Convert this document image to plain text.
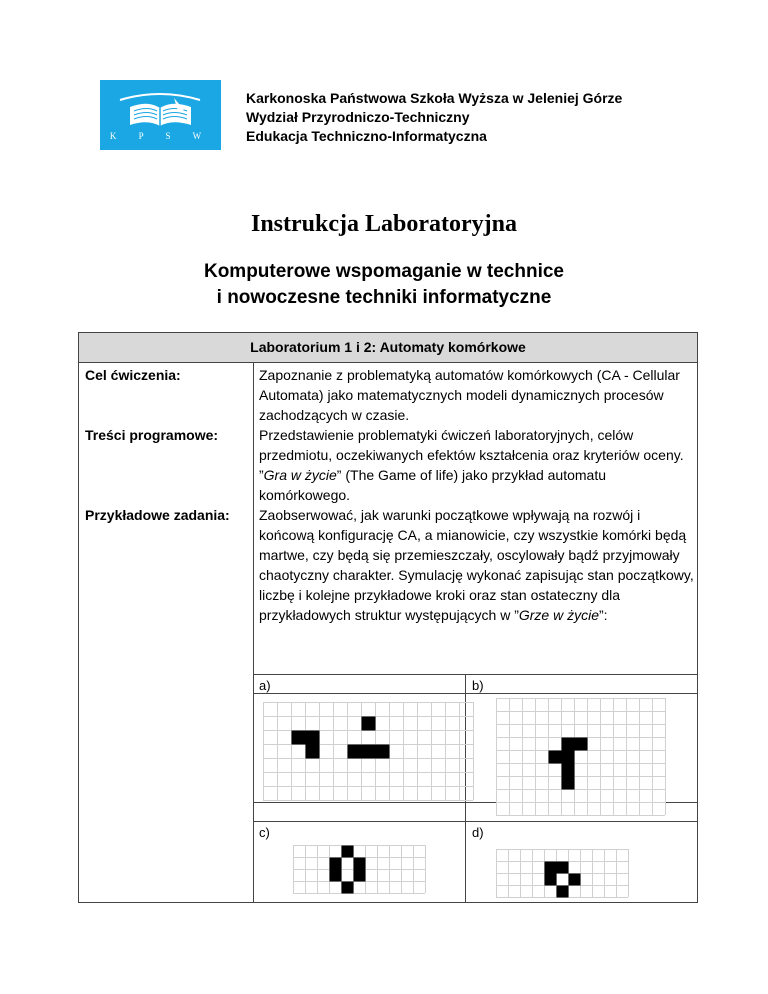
K P S W
Karkonoska Państwowa Szkoła Wyższa w Jeleniej Górze
Wydział Przyrodniczo-Techniczny
Edukacja Techniczno-Informatyczna
Instrukcja Laboratoryjna
Komputerowe wspomaganie w technice
i nowoczesne techniki informatyczne
Laboratorium 1 i 2: Automaty komórkowe
Cel ćwiczenia:	Zapoznanie z problematyką automatów komórkowych (CA - Cellular Automata) jako matematycznych modeli dynamicznych procesów zachodzących w czasie.
Treści programowe:	Przedstawienie problematyki ćwiczeń laboratoryjnych, celów przedmiotu, oczekiwanych efektów kształcenia oraz kryteriów oceny. ”Gra w życie” (The Game of life) jako przykład automatu komórkowego.
Przykładowe zadania:	Zaobserwować, jak warunki początkowe wpływają na rozwój i końcową konfigurację CA, a mianowicie, czy wszystkie komórki będą martwe, czy będą się przemieszczały, oscylowały bądź przyjmowały chaotyczny charakter. Symulację wykonać zapisując stan początkowy, liczbę i kolejne przykładowe kroki oraz stan ostateczny dla przykładowych struktur występujących w ”Grze w życie”:
a)	b)
c)	d)
